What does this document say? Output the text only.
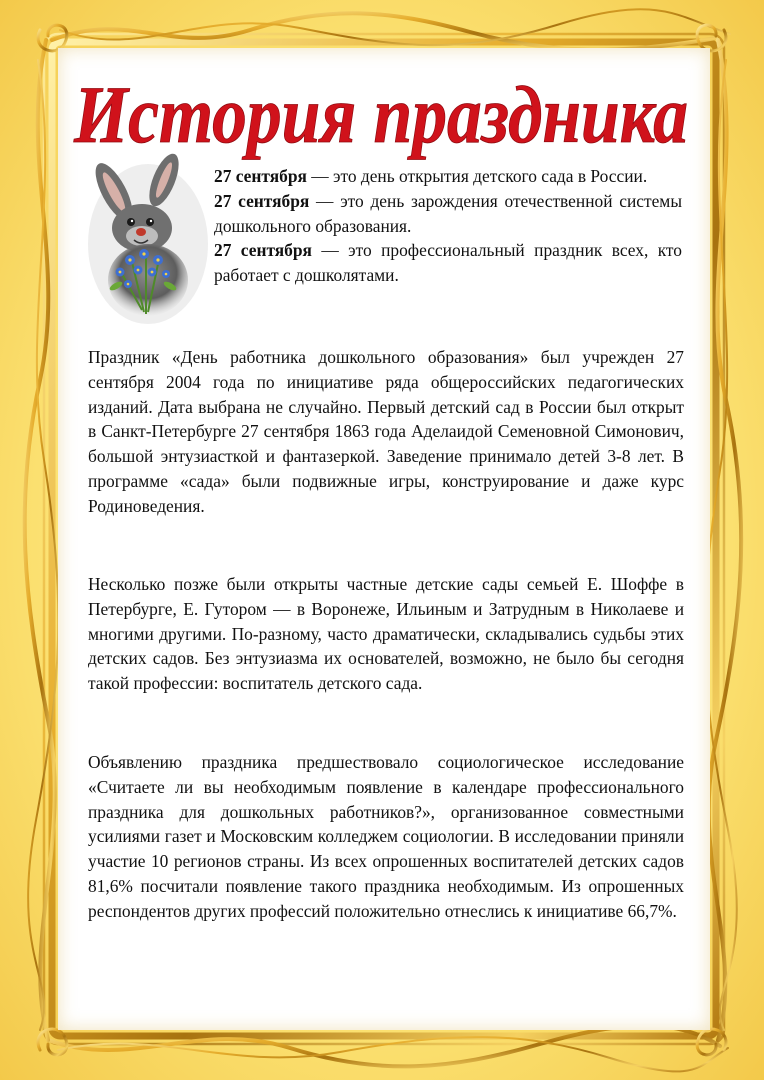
История праздника
27 сентября — это день открытия детского сада в России.
27 сентября — это день зарождения отечественной системы дошкольного образования.
27 сентября — это профессиональный праздник всех, кто работает с дошколятами.

Праздник «День работника дошкольного образования» был учрежден 27 сентября 2004 года по инициативе ряда общероссийских педагогических изданий. Дата выбрана не случайно. Первый детский сад в России был открыт в Санкт-Петербурге 27 сентября 1863 года Аделаидой Семеновной Симонович, большой энтузиасткой и фантазеркой. Заведение принимало детей 3-8 лет. В программе «сада» были подвижные игры, конструирование и даже курс Родиноведения.

Несколько позже были открыты частные детские сады семьей Е. Шоффе в Петербурге, Е. Гутором — в Воронеже, Ильиным и Затрудным в Николаеве и многими другими. По-разному, часто драматически, складывались судьбы этих детских садов. Без энтузиазма их основателей, возможно, не было бы сегодня такой профессии: воспитатель детского сада.

Объявлению праздника предшествовало социологическое исследование «Считаете ли вы необходимым появление в календаре профессионального праздника для дошкольных работников?», организованное совместными усилиями газет и Московским колледжем социологии. В исследовании приняли участие 10 регионов страны. Из всех опрошенных воспитателей детских садов 81,6% посчитали появление такого праздника необходимым. Из опрошенных респондентов других профессий положительно отнеслись к инициативе 66,7%.
